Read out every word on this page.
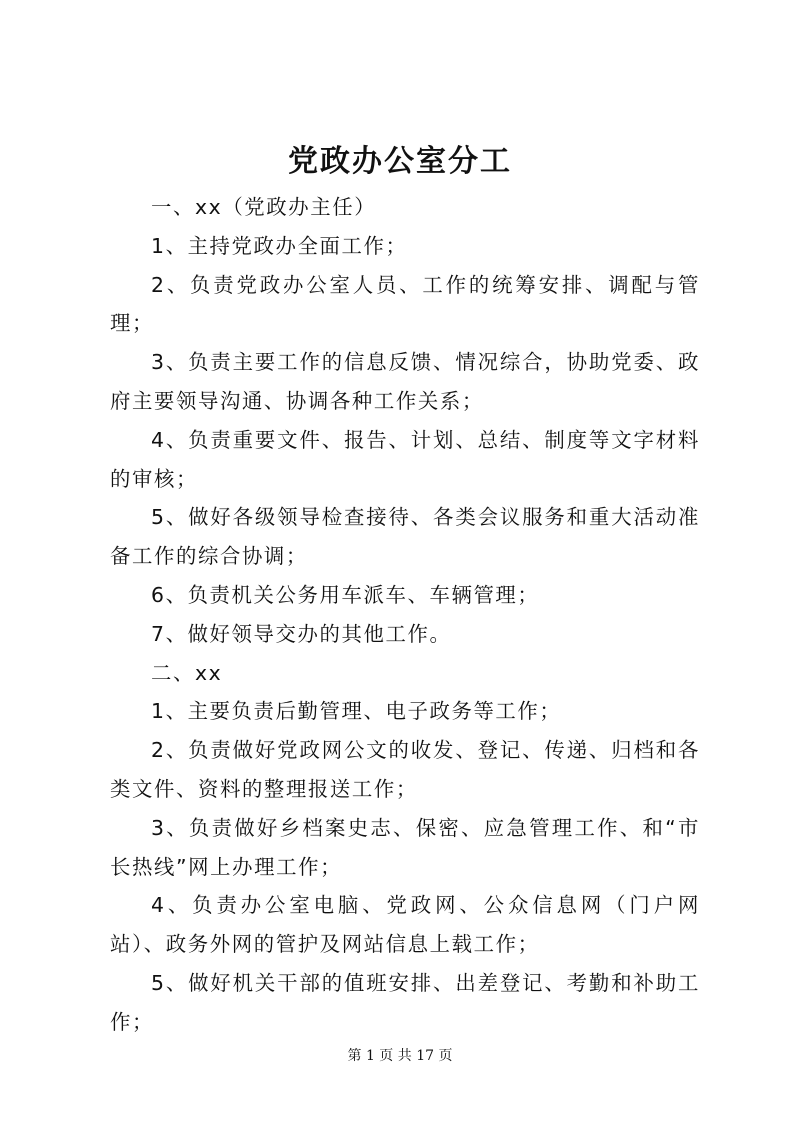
党政办公室分工

一、xx（党政办主任）

1、主持党政办全面工作；

2、负责党政办公室人员、工作的统筹安排、调配与管理；

3、负责主要工作的信息反馈、情况综合，协助党委、政府主要领导沟通、协调各种工作关系；

4、负责重要文件、报告、计划、总结、制度等文字材料的审核；

5、做好各级领导检查接待、各类会议服务和重大活动准备工作的综合协调；

6、负责机关公务用车派车、车辆管理；

7、做好领导交办的其他工作。

二、xx

1、主要负责后勤管理、电子政务等工作；

2、负责做好党政网公文的收发、登记、传递、归档和各类文件、资料的整理报送工作；

3、负责做好乡档案史志、保密、应急管理工作、和“市长热线”网上办理工作；

4、负责办公室电脑、党政网、公众信息网（门户网站）、政务外网的管护及网站信息上载工作；

5、做好机关干部的值班安排、出差登记、考勤和补助工作；

第 1 页 共 17 页
